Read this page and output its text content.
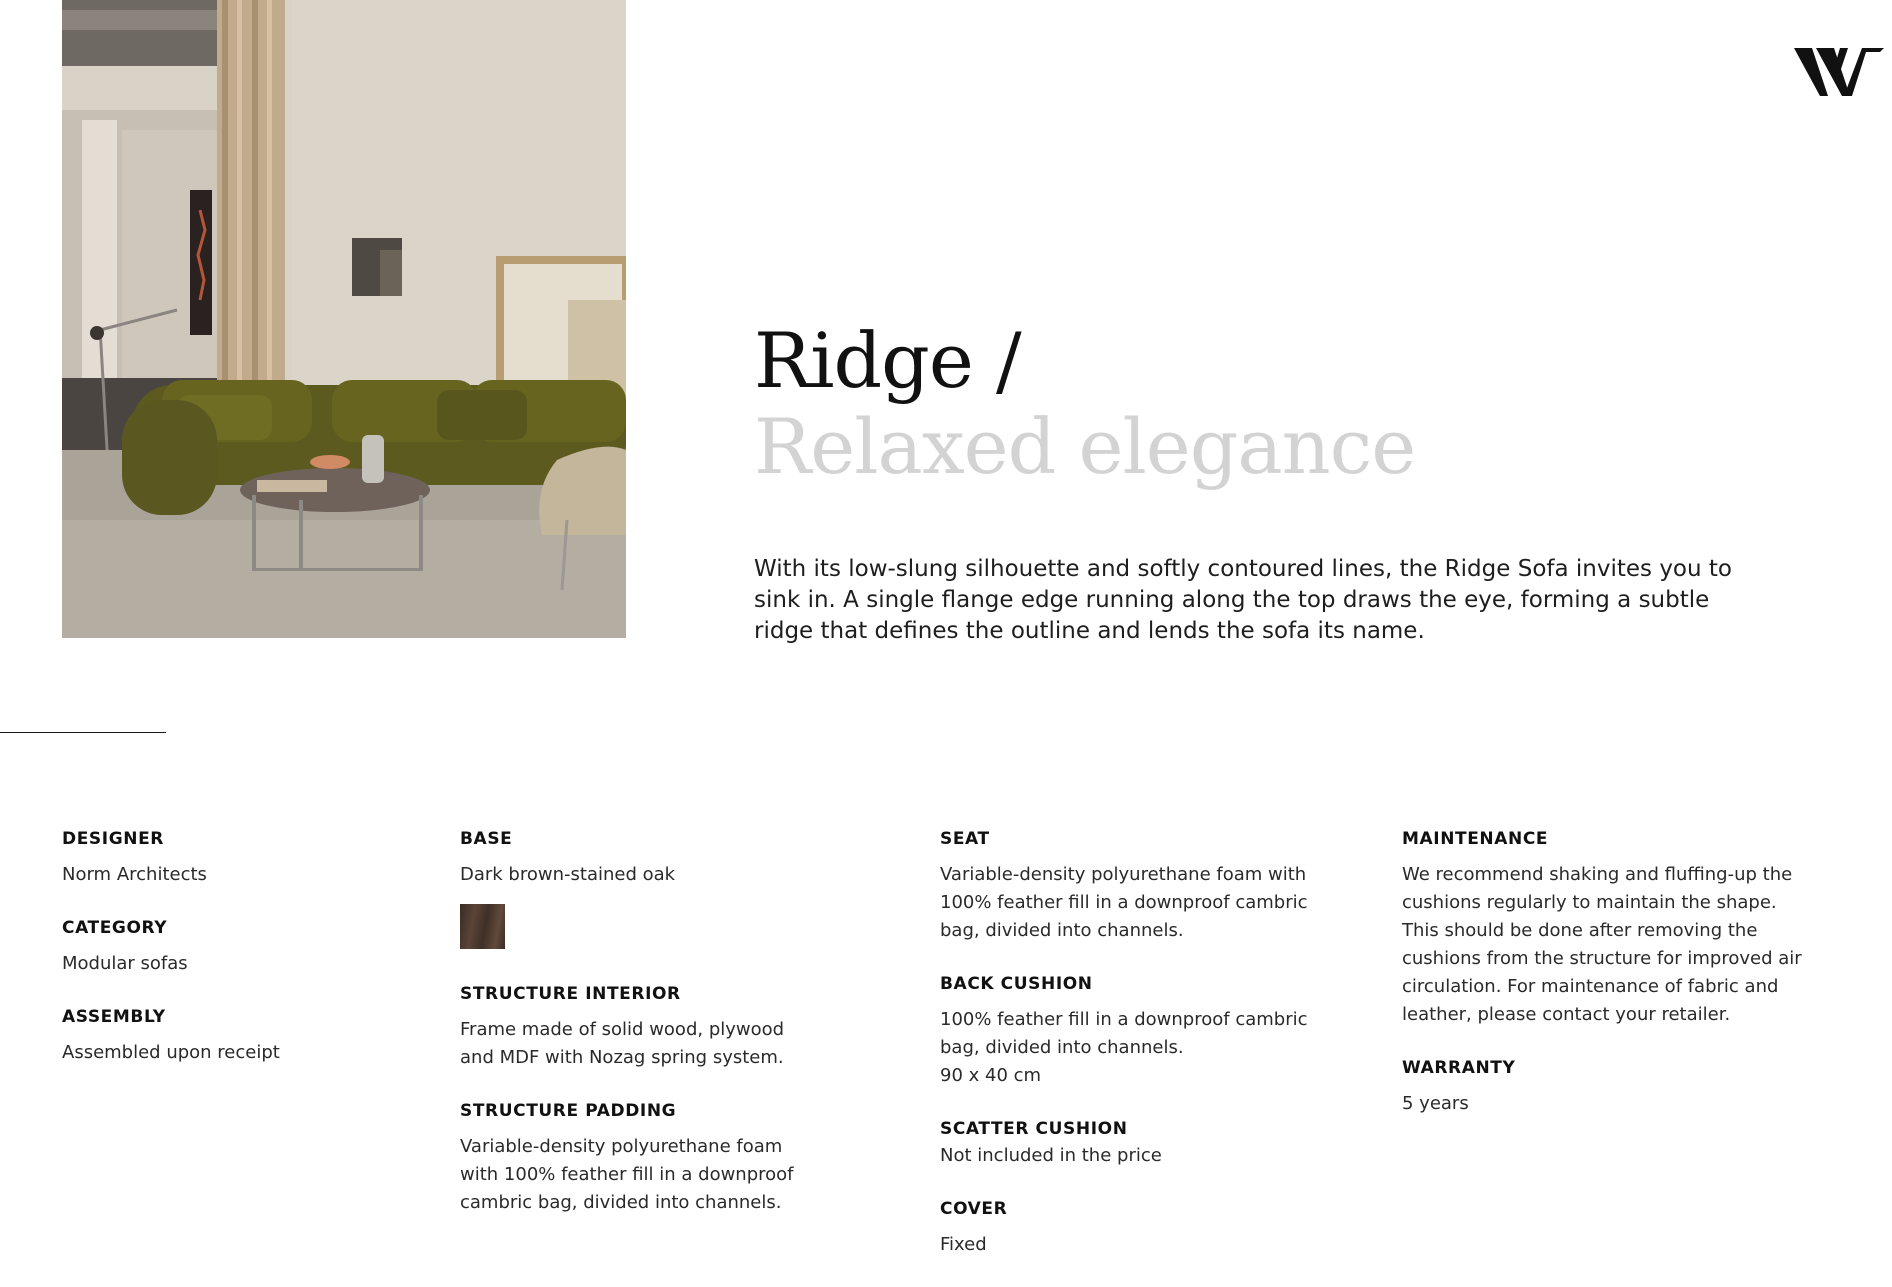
Ridge /
Relaxed elegance

With its low-slung silhouette and softly contoured lines, the Ridge Sofa invites you to sink in. A single flange edge running along the top draws the eye, forming a subtle ridge that defines the outline and lends the sofa its name.

DESIGNER
Norm Architects
CATEGORY
Modular sofas
ASSEMBLY
Assembled upon receipt
BASE
Dark brown-stained oak
STRUCTURE INTERIOR
Frame made of solid wood, plywood and MDF with Nozag spring system.
STRUCTURE PADDING
Variable-density polyurethane foam with 100% feather fill in a downproof cambric bag, divided into channels.
SEAT
Variable-density polyurethane foam with 100% feather fill in a downproof cambric bag, divided into channels.
BACK CUSHION
100% feather fill in a downproof cambric bag, divided into channels.
90 x 40 cm
SCATTER CUSHION
Not included in the price
COVER
Fixed
MAINTENANCE
We recommend shaking and fluffing-up the cushions regularly to maintain the shape. This should be done after removing the cushions from the structure for improved air circulation. For maintenance of fabric and leather, please contact your retailer.
WARRANTY
5 years
